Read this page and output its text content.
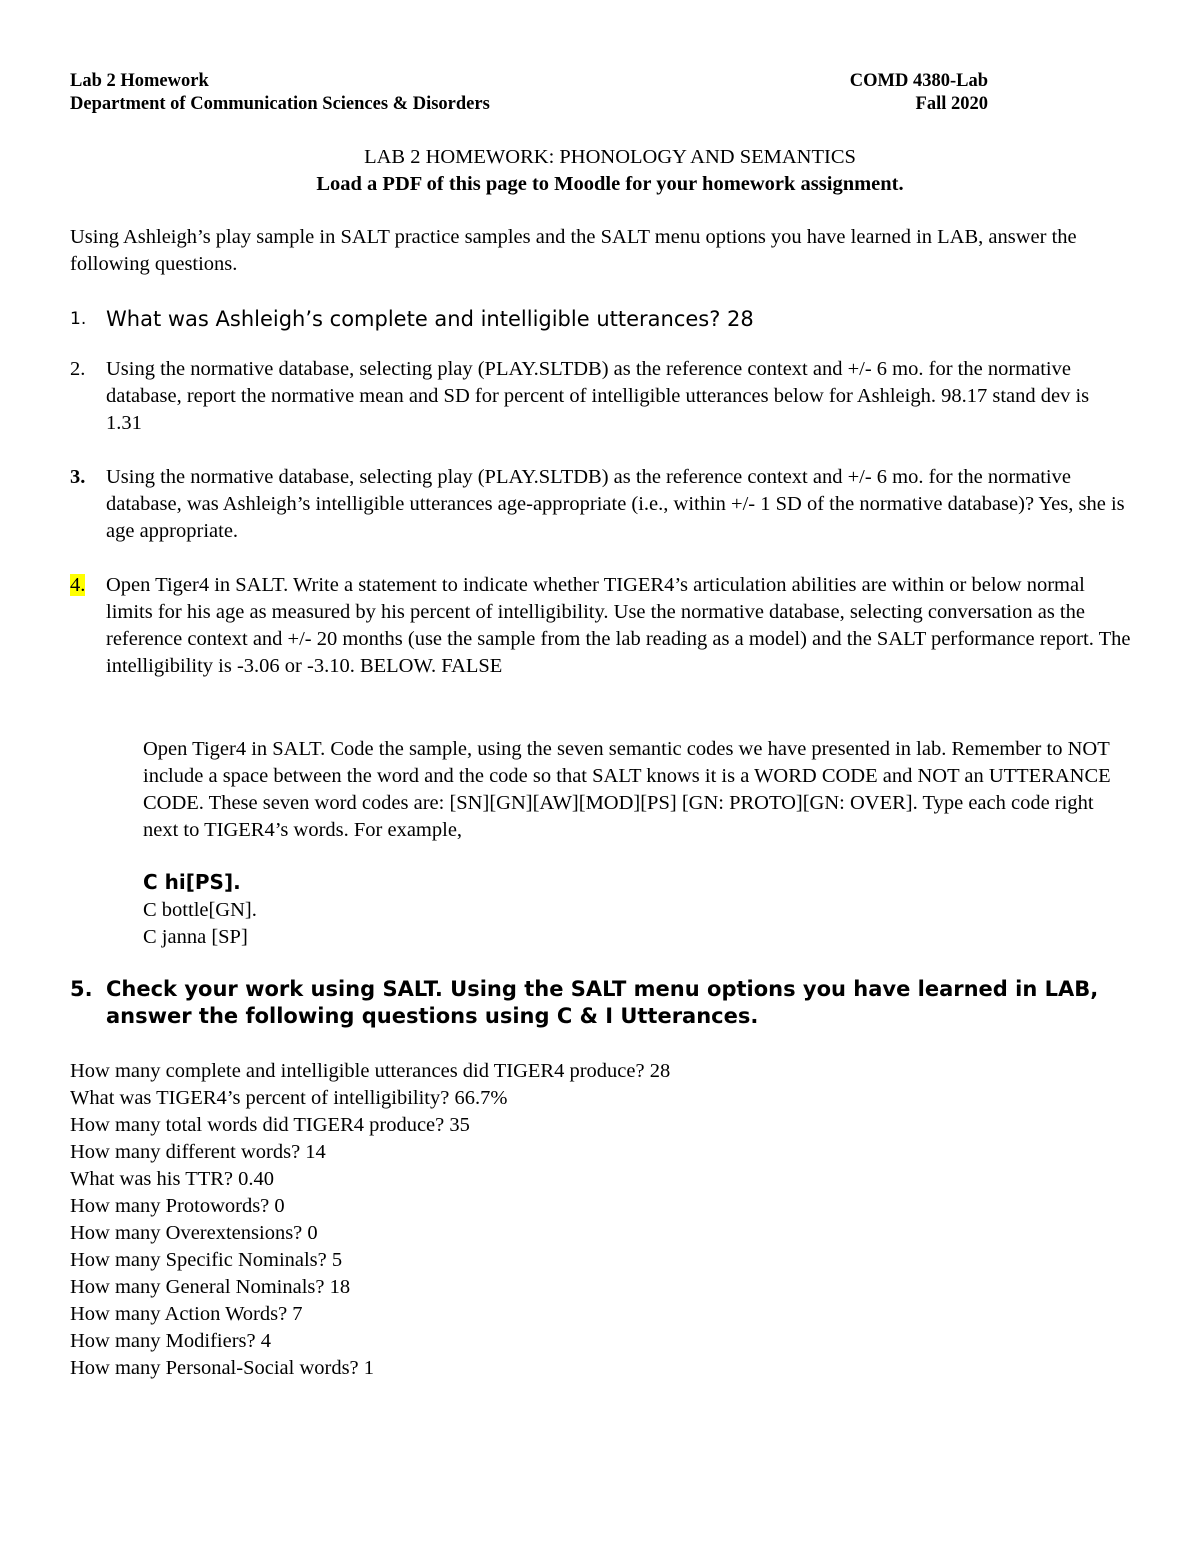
Lab 2 Homework
Department of Communication Sciences & Disorders
COMD 4380-Lab
Fall 2020
LAB 2 HOMEWORK: PHONOLOGY AND SEMANTICS
Load a PDF of this page to Moodle for your homework assignment.
Using Ashleigh’s play sample in SALT practice samples and the SALT menu options you have learned in LAB, answer the following questions.
1. What was Ashleigh’s complete and intelligible utterances? 28
2. Using the normative database, selecting play (PLAY.SLTDB) as the reference context and +/- 6 mo. for the normative database, report the normative mean and SD for percent of intelligible utterances below for Ashleigh. 98.17 stand dev is 1.31
3. Using the normative database, selecting play (PLAY.SLTDB) as the reference context and +/- 6 mo. for the normative database, was Ashleigh’s intelligible utterances age-appropriate (i.e., within +/- 1 SD of the normative database)? Yes, she is age appropriate.
4. Open Tiger4 in SALT. Write a statement to indicate whether TIGER4’s articulation abilities are within or below normal limits for his age as measured by his percent of intelligibility. Use the normative database, selecting conversation as the reference context and +/- 20 months (use the sample from the lab reading as a model) and the SALT performance report. The intelligibility is -3.06 or -3.10. BELOW. FALSE
Open Tiger4 in SALT. Code the sample, using the seven semantic codes we have presented in lab. Remember to NOT include a space between the word and the code so that SALT knows it is a WORD CODE and NOT an UTTERANCE CODE. These seven word codes are: [SN][GN][AW][MOD][PS] [GN: PROTO][GN: OVER]. Type each code right next to TIGER4’s words. For example,
C hi[PS].
C bottle[GN].
C janna [SP]
5. Check your work using SALT. Using the SALT menu options you have learned in LAB, answer the following questions using C & I Utterances.
How many complete and intelligible utterances did TIGER4 produce? 28
What was TIGER4’s percent of intelligibility? 66.7%
How many total words did TIGER4 produce? 35
How many different words? 14
What was his TTR? 0.40
How many Protowords? 0
How many Overextensions? 0
How many Specific Nominals? 5
How many General Nominals? 18
How many Action Words? 7
How many Modifiers? 4
How many Personal-Social words? 1
